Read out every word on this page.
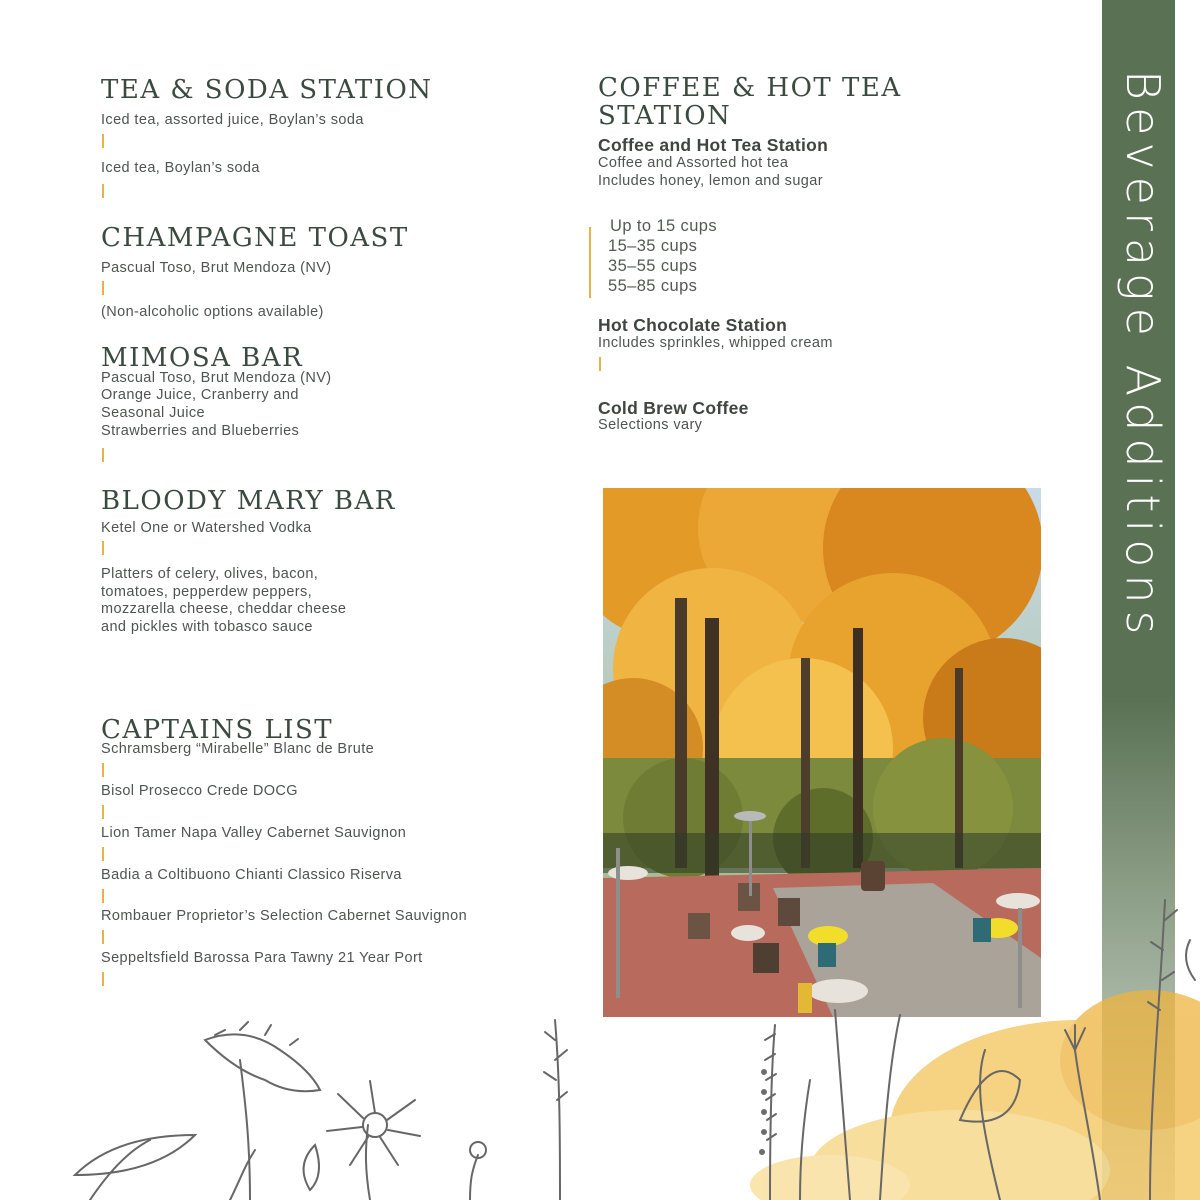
Beverage Additions
TEA & SODA STATION
Iced tea, assorted juice, Boylan’s soda
Iced tea, Boylan’s soda
CHAMPAGNE TOAST
Pascual Toso, Brut Mendoza (NV)
(Non-alcoholic options available)
MIMOSA BAR
Pascual Toso, Brut Mendoza (NV)
Orange Juice, Cranberry and
Seasonal Juice
Strawberries and Blueberries
BLOODY MARY BAR
Ketel One or Watershed Vodka
Platters of celery, olives, bacon,
tomatoes, pepperdew peppers,
mozzarella cheese, cheddar cheese
and pickles with tobasco sauce
CAPTAINS LIST
Schramsberg “Mirabelle” Blanc de Brute
Bisol Prosecco Crede DOCG
Lion Tamer Napa Valley Cabernet Sauvignon
Badia a Coltibuono Chianti Classico Riserva
Rombauer Proprietor’s Selection Cabernet Sauvignon
Seppeltsfield Barossa Para Tawny 21 Year Port
COFFEE & HOT TEA
STATION
Coffee and Hot Tea Station
Coffee and Assorted hot tea
Includes honey, lemon and sugar
Up to 15 cups
15–35 cups
35–55 cups
55–85 cups
Hot Chocolate Station
Includes sprinkles, whipped cream
Cold Brew Coffee
Selections vary
